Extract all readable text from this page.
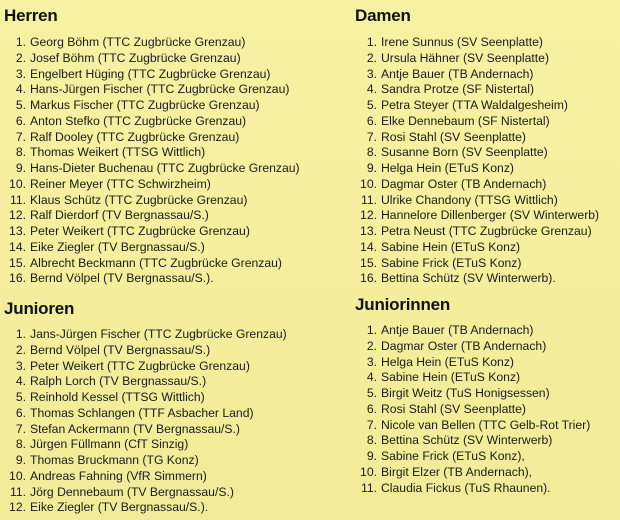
Herren
1. Georg Böhm (TTC Zugbrücke Grenzau)
2. Josef Böhm (TTC Zugbrücke Grenzau)
3. Engelbert Hüging (TTC Zugbrücke Grenzau)
4. Hans-Jürgen Fischer (TTC Zugbrücke Grenzau)
5. Markus Fischer (TTC Zugbrücke Grenzau)
6. Anton Stefko (TTC Zugbrücke Grenzau)
7. Ralf Dooley (TTC Zugbrücke Grenzau)
8. Thomas Weikert (TTSG Wittlich)
9. Hans-Dieter Buchenau (TTC Zugbrücke Grenzau)
10. Reiner Meyer (TTC Schwirzheim)
11. Klaus Schütz (TTC Zugbrücke Grenzau)
12. Ralf Dierdorf (TV Bergnassau/S.)
13. Peter Weikert (TTC Zugbrücke Grenzau)
14. Eike Ziegler (TV Bergnassau/S.)
15. Albrecht Beckmann (TTC Zugbrücke Grenzau)
16. Bernd Völpel (TV Bergnassau/S.).
Damen
1. Irene Sunnus (SV Seenplatte)
2. Ursula Hähner (SV Seenplatte)
3. Antje Bauer (TB Andernach)
4. Sandra Protze (SF Nistertal)
5. Petra Steyer (TTA Waldalgesheim)
6. Elke Dennebaum (SF Nistertal)
7. Rosi Stahl (SV Seenplatte)
8. Susanne Born (SV Seenplatte)
9. Helga Hein (ETuS Konz)
10. Dagmar Oster (TB Andernach)
11. Ulrike Chandony (TTSG Wittlich)
12. Hannelore Dillenberger (SV Winterwerb)
13. Petra Neust (TTC Zugbrücke Grenzau)
14. Sabine Hein (ETuS Konz)
15. Sabine Frick (ETuS Konz)
16. Bettina Schütz (SV Winterwerb).
Junioren
1. Jans-Jürgen Fischer (TTC Zugbrücke Grenzau)
2. Bernd Völpel (TV Bergnassau/S.)
3. Peter Weikert (TTC Zugbrücke Grenzau)
4. Ralph Lorch (TV Bergnassau/S.)
5. Reinhold Kessel (TTSG Wittlich)
6. Thomas Schlangen (TTF Asbacher Land)
7. Stefan Ackermann (TV Bergnassau/S.)
8. Jürgen Füllmann (CfT Sinzig)
9. Thomas Bruckmann (TG Konz)
10. Andreas Fahning (VfR Simmern)
11. Jörg Dennebaum (TV Bergnassau/S.)
12. Eike Ziegler (TV Bergnassau/S.).
Juniorinnen
1. Antje Bauer (TB Andernach)
2. Dagmar Oster (TB Andernach)
3. Helga Hein (ETuS Konz)
4. Sabine Hein (ETuS Konz)
5. Birgit Weitz (TuS Honigsessen)
6. Rosi Stahl (SV Seenplatte)
7. Nicole van Bellen (TTC Gelb-Rot Trier)
8. Bettina Schütz (SV Winterwerb)
9. Sabine Frick (ETuS Konz),
10. Birgit Elzer (TB Andernach),
11. Claudia Fickus (TuS Rhaunen).
